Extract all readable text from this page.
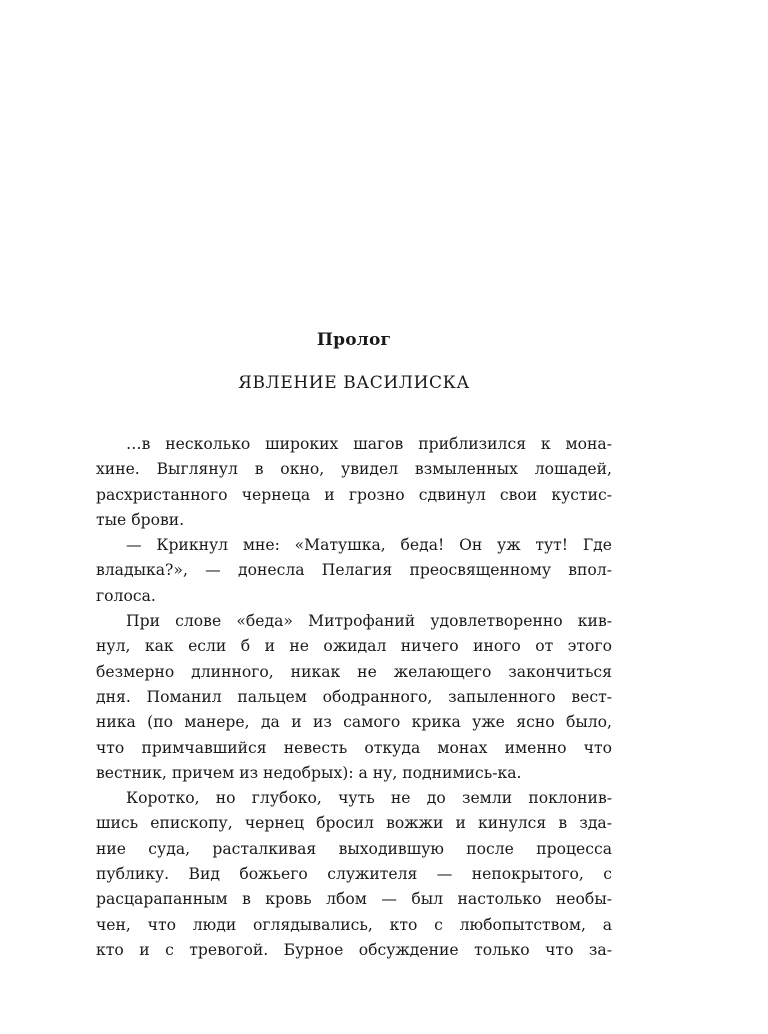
Пролог
ЯВЛЕНИЕ ВАСИЛИСКА
…в несколько широких шагов приблизился к мона-
хине. Выглянул в окно, увидел взмыленных лошадей,
расхристанного чернеца и грозно сдвинул свои кустис-
тые брови.
— Крикнул мне: «Матушка, беда! Он уж тут! Где
владыка?», — донесла Пелагия преосвященному впол-
голоса.
При слове «беда» Митрофаний удовлетворенно кив-
нул, как если б и не ожидал ничего иного от этого
безмерно длинного, никак не желающего закончиться
дня. Поманил пальцем ободранного, запыленного вест-
ника (по манере, да и из самого крика уже ясно было,
что примчавшийся невесть откуда монах именно что
вестник, причем из недобрых): а ну, поднимись-ка.
Коротко, но глубоко, чуть не до земли поклонив-
шись епископу, чернец бросил вожжи и кинулся в зда-
ние суда, расталкивая выходившую после процесса
публику. Вид божьего служителя — непокрытого, с
расцарапанным в кровь лбом — был настолько необы-
чен, что люди оглядывались, кто с любопытством, а
кто и с тревогой. Бурное обсуждение только что за-
